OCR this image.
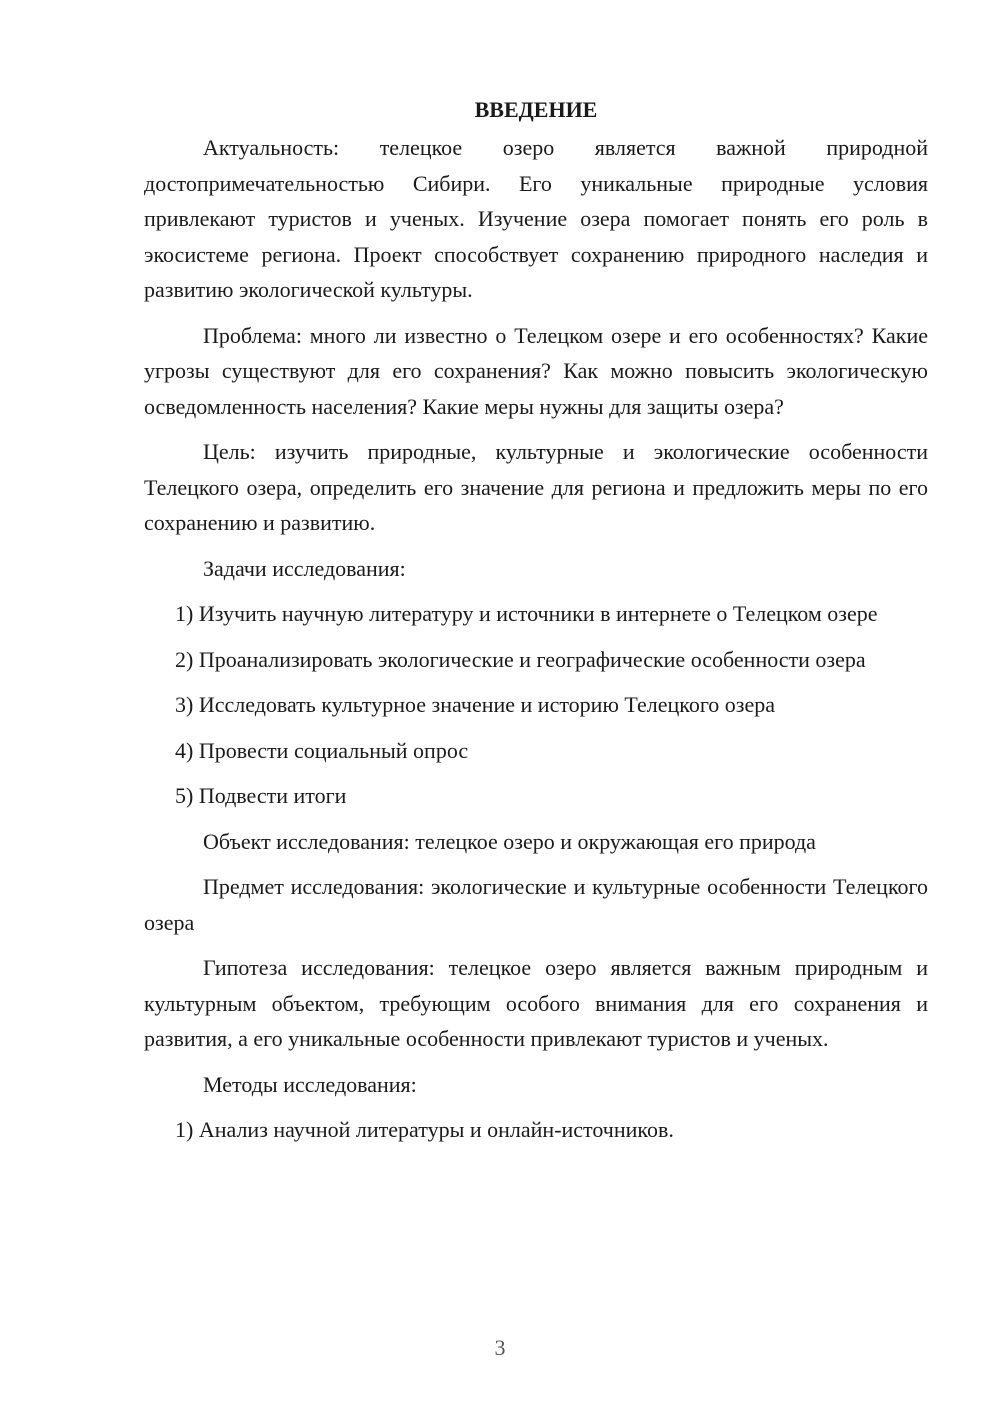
ВВЕДЕНИЕ

Актуальность: телецкое озеро является важной природной достопримечательностью Сибири. Его уникальные природные условия привлекают туристов и ученых. Изучение озера помогает понять его роль в экосистеме региона. Проект способствует сохранению природного наследия и развитию экологической культуры.

Проблема: много ли известно о Телецком озере и его особенностях? Какие угрозы существуют для его сохранения? Как можно повысить экологическую осведомленность населения? Какие меры нужны для защиты озера?

Цель: изучить природные, культурные и экологические особенности Телецкого озера, определить его значение для региона и предложить меры по его сохранению и развитию.

Задачи исследования:

1) Изучить научную литературу и источники в интернете о Телецком озере

2) Проанализировать экологические и географические особенности озера

3) Исследовать культурное значение и историю Телецкого озера

4) Провести социальный опрос

5) Подвести итоги

Объект исследования: телецкое озеро и окружающая его природа

Предмет исследования: экологические и культурные особенности Телецкого озера

Гипотеза исследования: телецкое озеро является важным природным и культурным объектом, требующим особого внимания для его сохранения и развития, а его уникальные особенности привлекают туристов и ученых.

Методы исследования:

1) Анализ научной литературы и онлайн-источников.

3
